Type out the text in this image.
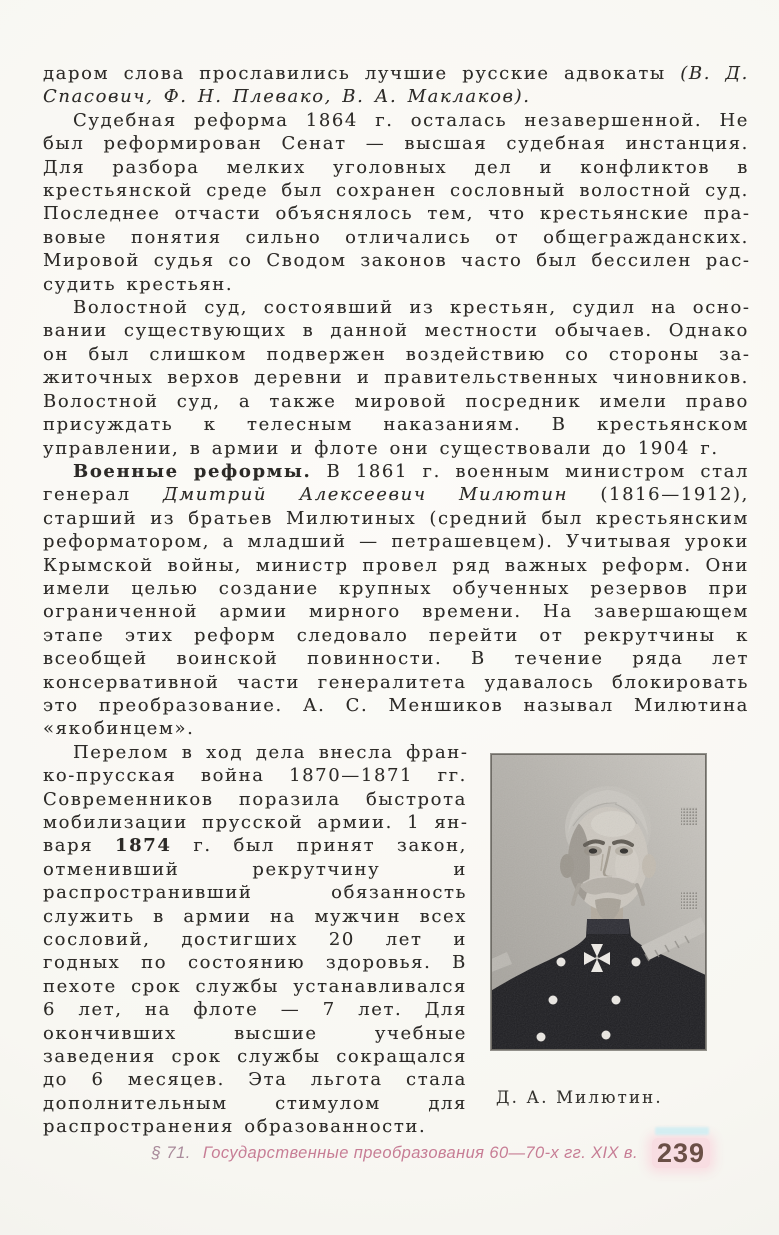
даром слова прославились лучшие русские адвокаты (В. Д. Спасович, Ф. Н. Плевако, В. А. Маклаков).

Судебная реформа 1864 г. осталась незавершенной. Не был реформирован Сенат — высшая судебная инстанция. Для разбора мелких уголовных дел и конфликтов в крестьянской среде был сохранен сословный волостной суд. Последнее отчасти объяснялось тем, что крестьянские правовые понятия сильно отличались от общегражданских. Мировой судья со Сводом законов часто был бессилен рассудить крестьян.

Волостной суд, состоявший из крестьян, судил на основании существующих в данной местности обычаев. Однако он был слишком подвержен воздействию со стороны зажиточных верхов деревни и правительственных чиновников. Волостной суд, а также мировой посредник имели право присуждать к телесным наказаниям. В крестьянском управлении, в армии и флоте они существовали до 1904 г.

Военные реформы. В 1861 г. военным министром стал генерал Дмитрий Алексеевич Милютин (1816—1912), старший из братьев Милютиных (средний был крестьянским реформатором, а младший — петрашевцем). Учитывая уроки Крымской войны, министр провел ряд важных реформ. Они имели целью создание крупных обученных резервов при ограниченной армии мирного времени. На завершающем этапе этих реформ следовало перейти от рекрутчины к всеобщей воинской повинности. В течение ряда лет консервативной части генералитета удавалось блокировать это преобразование. А. С. Меншиков называл Милютина «якобинцем».

Перелом в ход дела внесла франко-прусская война 1870—1871 гг. Современников поразила быстрота мобилизации прусской армии. 1 января 1874 г. был принят закон, отменивший рекрутчину и распространивший обязанность служить в армии на мужчин всех сословий, достигших 20 лет и годных по состоянию здоровья. В пехоте срок службы устанавливался 6 лет, на флоте — 7 лет. Для окончивших высшие учебные заведения срок службы сокращался до 6 месяцев. Эта льгота стала дополнительным стимулом для распространения образованности.

Д. А. Милютин.
§ 71. Государственные преобразования 60—70-х гг. XIX в. 239
